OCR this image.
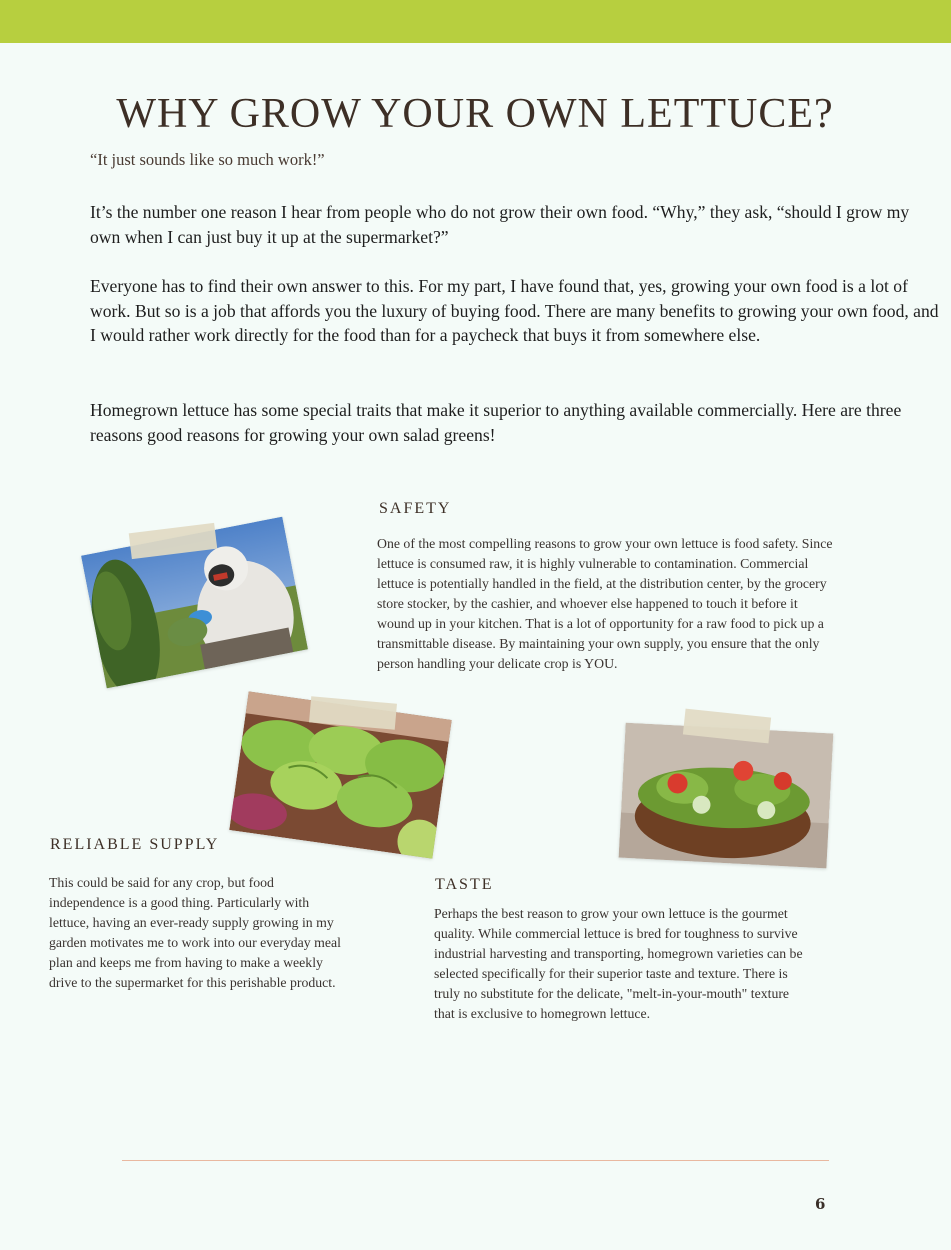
WHY GROW YOUR OWN LETTUCE?
“It just sounds like so much work!”
It’s the number one reason I hear from people who do not grow their own food. “Why,” they ask, “should I grow my own when I can just buy it up at the supermarket?”
Everyone has to find their own answer to this. For my part, I have found that, yes, growing your own food is a lot of work. But so is a job that affords you the luxury of buying food. There are many benefits to growing your own food, and I would rather work directly for the food than for a paycheck that buys it from somewhere else.
Homegrown lettuce has some special traits that make it superior to anything available commercially. Here are three reasons good reasons for growing your own salad greens!
SAFETY
One of the most compelling reasons to grow your own lettuce is food safety. Since lettuce is consumed raw, it is highly vulnerable to contamination. Commercial lettuce is potentially handled in the field, at the distribution center, by the grocery store stocker, by the cashier, and whoever else happened to touch it before it wound up in your kitchen. That is a lot of opportunity for a raw food to pick up a transmittable disease. By maintaining your own supply, you ensure that the only person handling your delicate crop is YOU.
RELIABLE SUPPLY
This could be said for any crop, but food independence is a good thing. Particularly with lettuce, having an ever-ready supply growing in my garden motivates me to work into our everyday meal plan and keeps me from having to make a weekly drive to the supermarket for this perishable product.
TASTE
Perhaps the best reason to grow your own lettuce is the gourmet quality. While commercial lettuce is bred for toughness to survive industrial harvesting and transporting, homegrown varieties can be selected specifically for their superior taste and texture. There is truly no substitute for the delicate, "melt-in-your-mouth" texture that is exclusive to homegrown lettuce.
6
